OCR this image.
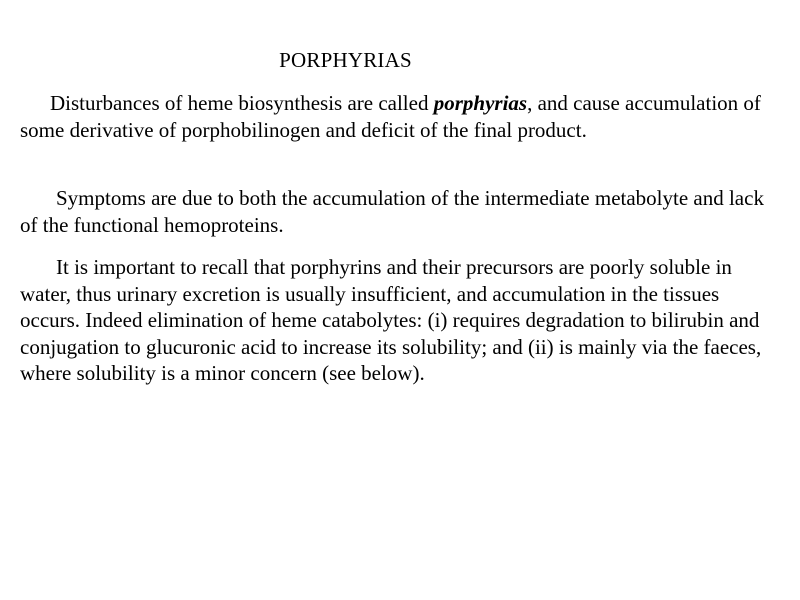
PORPHYRIAS

Disturbances of heme biosynthesis are called porphyrias, and cause accumulation of some derivative of porphobilinogen and deficit of the final product.

Symptoms are due to both the accumulation of the intermediate metabolyte and lack of the functional hemoproteins.

It is important to recall that porphyrins and their precursors are poorly soluble in water, thus urinary excretion is usually insufficient, and accumulation in the tissues occurs. Indeed elimination of heme catabolytes: (i) requires degradation to bilirubin and conjugation to glucuronic acid to increase its solubility; and (ii) is mainly via the faeces, where solubility is a minor concern (see below).
